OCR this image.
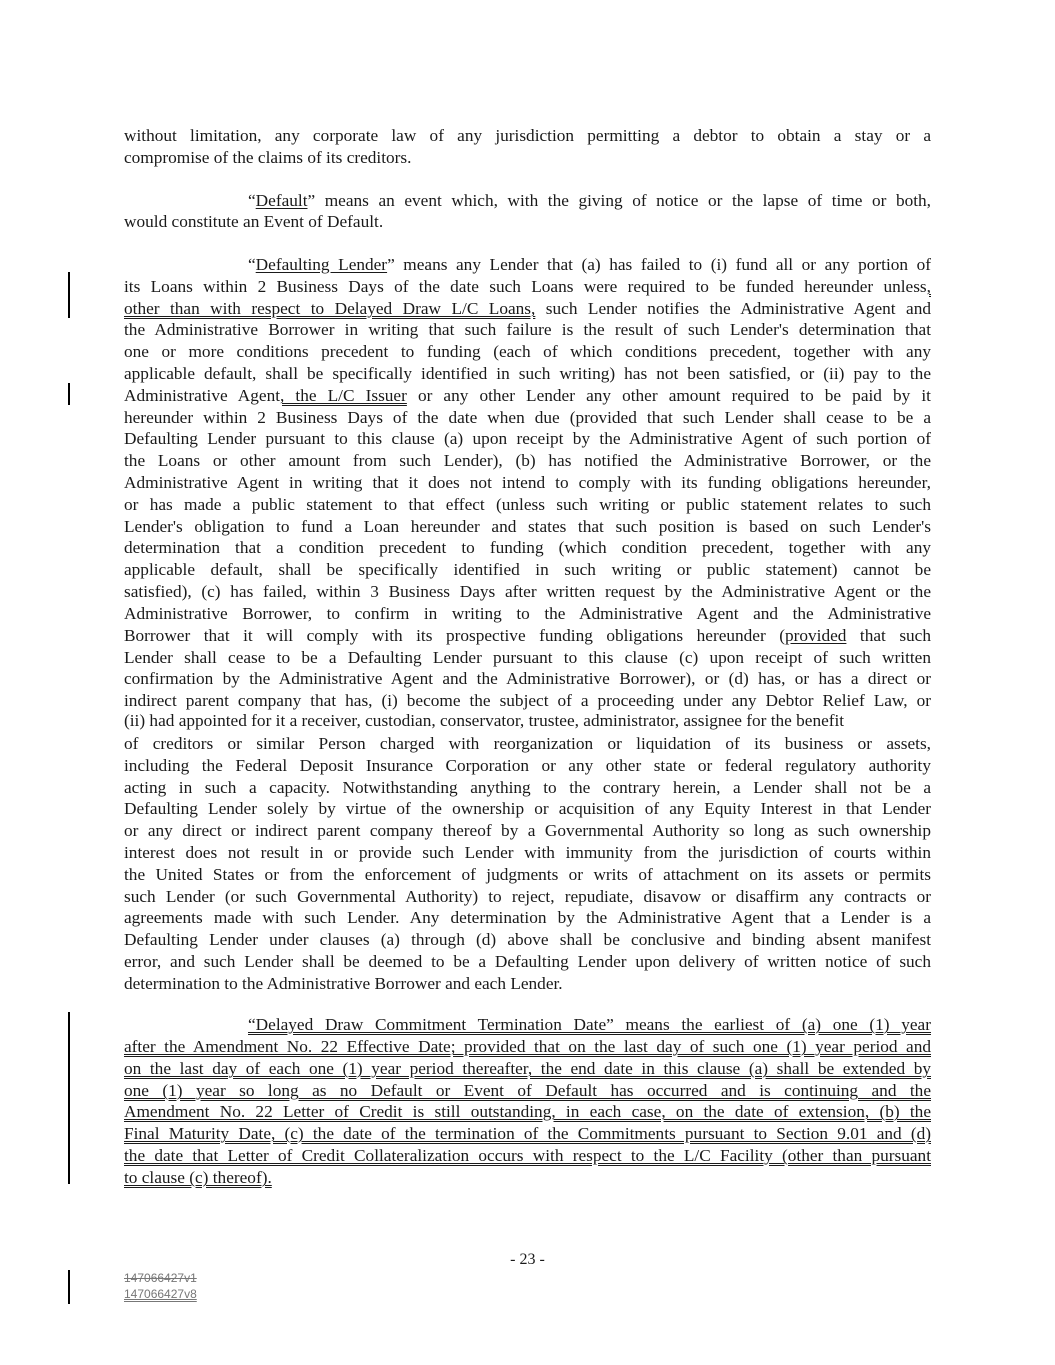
without limitation, any corporate law of any jurisdiction permitting a debtor to obtain a stay or a
compromise of the claims of its creditors.
“Default” means an event which, with the giving of notice or the lapse of time or both,
would constitute an Event of Default.
“Defaulting Lender” means any Lender that (a) has failed to (i) fund all or any portion of
its Loans within 2 Business Days of the date such Loans were required to be funded hereunder unless,
other than with respect to Delayed Draw L/C Loans, such Lender notifies the Administrative Agent and
the Administrative Borrower in writing that such failure is the result of such Lender's determination that
one or more conditions precedent to funding (each of which conditions precedent, together with any
applicable default, shall be specifically identified in such writing) has not been satisfied, or (ii) pay to the
Administrative Agent, the L/C Issuer or any other Lender any other amount required to be paid by it
hereunder within 2 Business Days of the date when due (provided that such Lender shall cease to be a
Defaulting Lender pursuant to this clause (a) upon receipt by the Administrative Agent of such portion of
the Loans or other amount from such Lender), (b) has notified the Administrative Borrower, or the
Administrative Agent in writing that it does not intend to comply with its funding obligations hereunder,
or has made a public statement to that effect (unless such writing or public statement relates to such
Lender's obligation to fund a Loan hereunder and states that such position is based on such Lender's
determination that a condition precedent to funding (which condition precedent, together with any
applicable default, shall be specifically identified in such writing or public statement) cannot be
satisfied), (c) has failed, within 3 Business Days after written request by the Administrative Agent or the
Administrative Borrower, to confirm in writing to the Administrative Agent and the Administrative
Borrower that it will comply with its prospective funding obligations hereunder (provided that such
Lender shall cease to be a Defaulting Lender pursuant to this clause (c) upon receipt of such written
confirmation by the Administrative Agent and the Administrative Borrower), or (d) has, or has a direct or
indirect parent company that has, (i) become the subject of a proceeding under any Debtor Relief Law, or
(ii) had appointed for it a receiver, custodian, conservator, trustee, administrator, assignee for the benefit
of creditors or similar Person charged with reorganization or liquidation of its business or assets,
including the Federal Deposit Insurance Corporation or any other state or federal regulatory authority
acting in such a capacity. Notwithstanding anything to the contrary herein, a Lender shall not be a
Defaulting Lender solely by virtue of the ownership or acquisition of any Equity Interest in that Lender
or any direct or indirect parent company thereof by a Governmental Authority so long as such ownership
interest does not result in or provide such Lender with immunity from the jurisdiction of courts within
the United States or from the enforcement of judgments or writs of attachment on its assets or permits
such Lender (or such Governmental Authority) to reject, repudiate, disavow or disaffirm any contracts or
agreements made with such Lender. Any determination by the Administrative Agent that a Lender is a
Defaulting Lender under clauses (a) through (d) above shall be conclusive and binding absent manifest
error, and such Lender shall be deemed to be a Defaulting Lender upon delivery of written notice of such
determination to the Administrative Borrower and each Lender.
“Delayed Draw Commitment Termination Date” means the earliest of (a) one (1) year
after the Amendment No. 22 Effective Date; provided that on the last day of such one (1) year period and
on the last day of each one (1) year period thereafter, the end date in this clause (a) shall be extended by
one (1) year so long as no Default or Event of Default has occurred and is continuing and the
Amendment No. 22 Letter of Credit is still outstanding, in each case, on the date of extension, (b) the
Final Maturity Date, (c) the date of the termination of the Commitments pursuant to Section 9.01 and (d)
the date that Letter of Credit Collateralization occurs with respect to the L/C Facility (other than pursuant
to clause (c) thereof).
- 23 -
147066427v1
147066427v8
